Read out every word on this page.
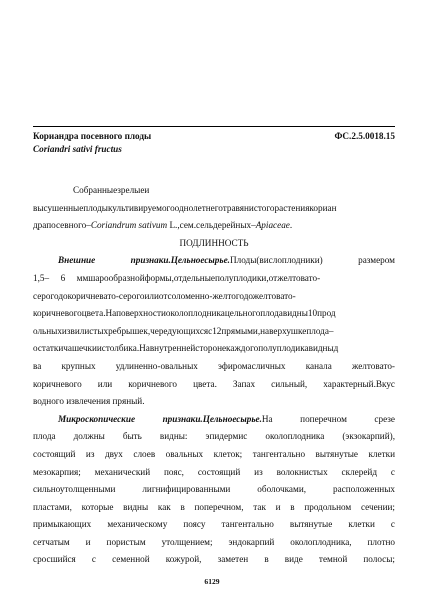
Кориандра посевного плоды	ФС.2.5.0018.15
Coriandri sativi fructus

Собранныезрелыеи

высушенныеплодыкультивируемогооднолетнеготравянистогорастениякориан

драпосевного–Coriandrum sativum L.,сем.сельдерейных–Apiaceae.

ПОДЛИННОСТЬ

Внешние признаки.Цельноесырье.Плоды(вислоплодники) размером

1,5–     6     ммшарообразнойформы,отдельныеполуплодики,отжелтовато-

серогодокоричневато-серогоилиотсоломенно-желтогодожелтовато-

коричневогоцвета.Наповерхностиоколоплодникацельногоплодавидны10прод

ольныхизвилистыхребрышек,чередующихсяс12прямыми,наверхушкеплода–

остаткичашечкиистолбика.Навнутреннейстороне​каждогополуплодикавидныд

ва крупных удлиненно-овальных эфиромасличных канала желтовато-

коричневого или коричневого цвета. Запах сильный, характерный.Вкус

водного извлечения пряный.

Микроскопические признаки.Цельноесырье.На поперечном срезе

плода должны быть видны: эпидермис околоплодника (экзокарпий),

состоящий из двух слоев овальных клеток; тангентально вытянутые клетки

мезокарпия; механический пояс, состоящий из волокнистых склерейд с

сильноутолщенными лигнифицированными оболочками, расположенных

пластами, которые видны как в поперечном, так и в продольном сечении;

примыкающих механическому поясу тангентально вытянутые клетки с

сетчатым и пористым утолщением; эндокарпий околоплодника, плотно

сросшийся с семенной кожурой, заметен в виде темной полосы;

6129
